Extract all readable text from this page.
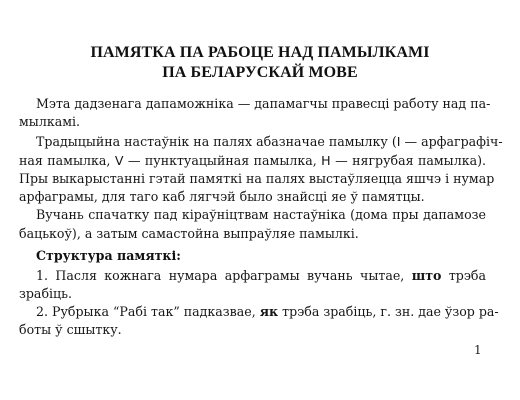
ПАМЯТКА ПА РАБОЦЕ НАД ПАМЫЛКАМІ
ПА БЕЛАРУСКАЙ МОВЕ
Мэта дадзенага дапаможніка — дапамагчы правесці работу над па-
мылкамі.
Традыцыйна настаўнік на палях абазначае памылку (I — арфаграфіч-
ная памылка, V — пунктуацыйная памылка, Н — нягрубая памылка).
Пры выкарыстанні гэтай памяткі на палях выстаўляецца яшчэ і нумар
арфаграмы, для таго каб лягчэй было знайсці яе ў памятцы.
Вучань спачатку пад кіраўніцтвам настаўніка (дома пры дапамозе
бацькоў), а затым самастойна выпраўляе памылкі.
Структура памяткі:
1. Пасля кожнага нумара арфаграмы вучань чытае, што трэба
зрабіць.
2. Рубрыка “Рабі так” падказвае, як трэба зрабіць, г. зн. дае ўзор ра-
боты ў сшытку.
1
